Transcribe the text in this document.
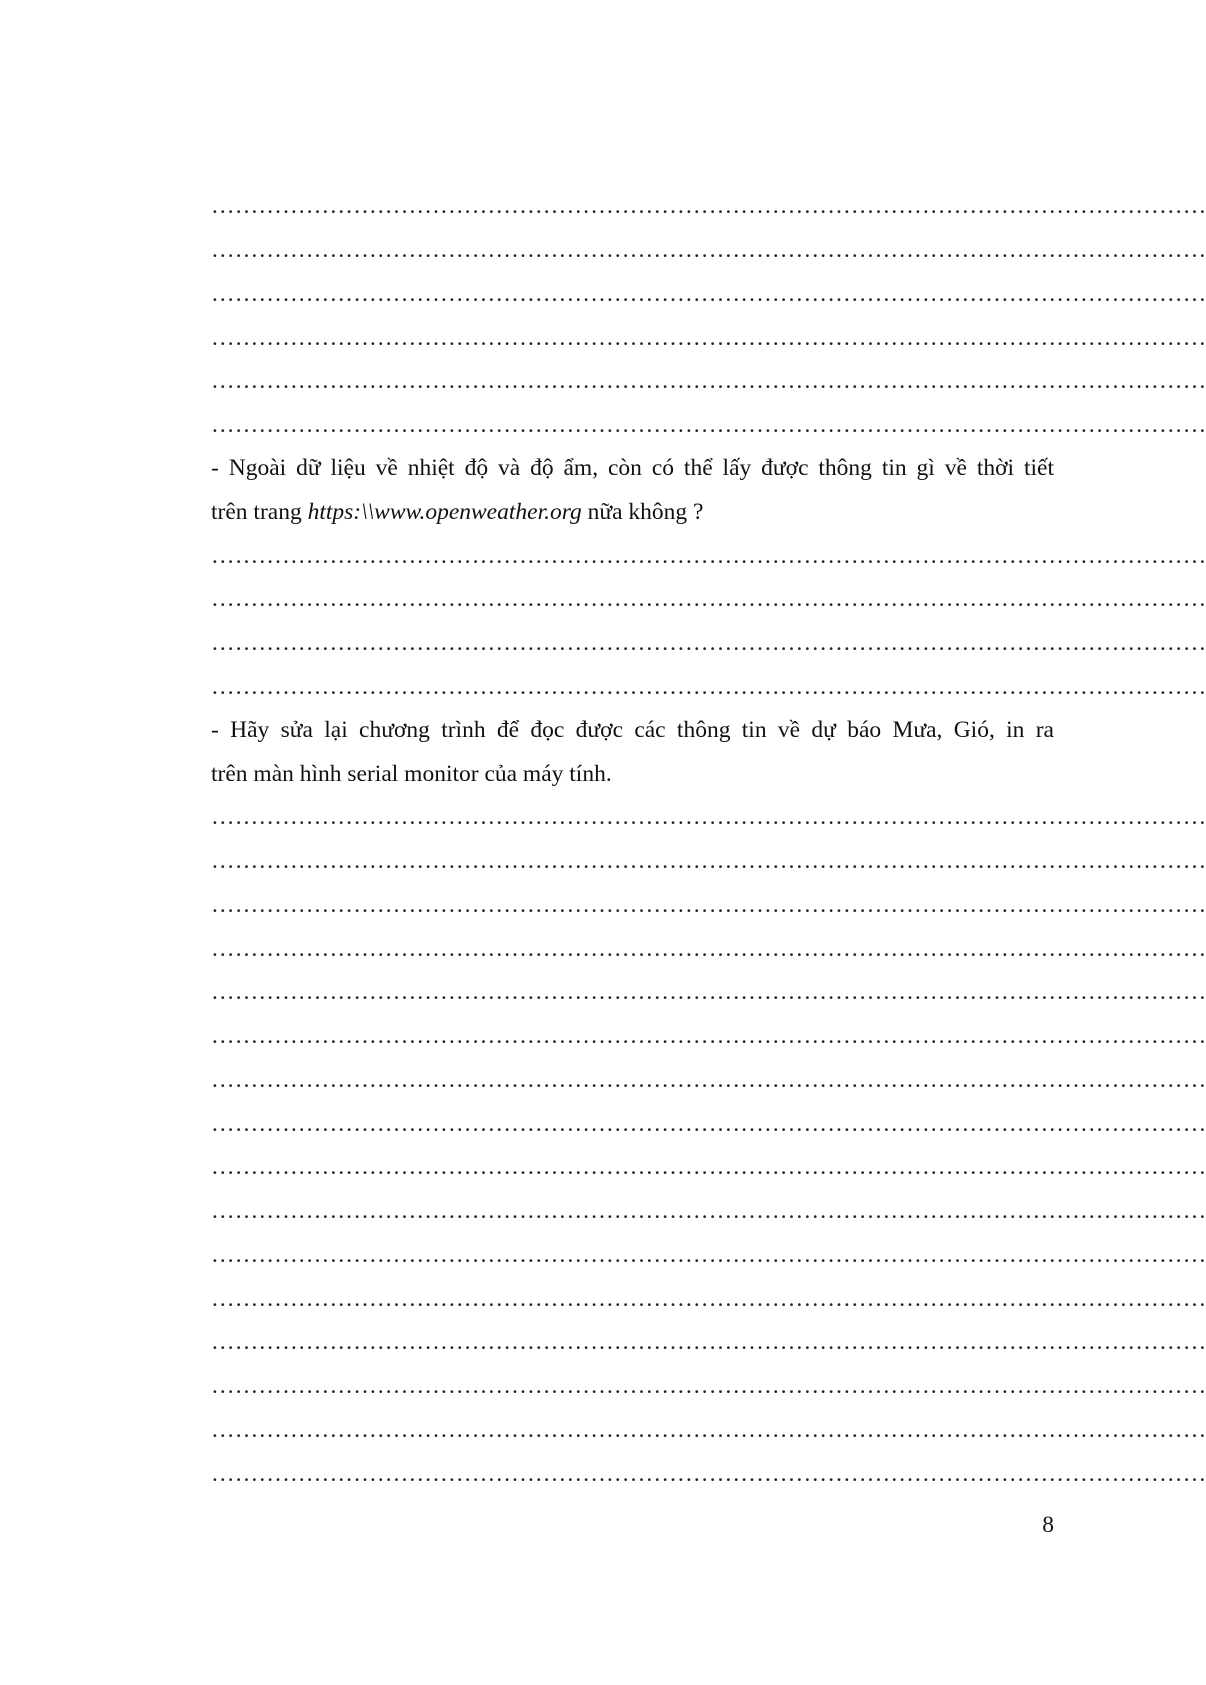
………………………………………………………………………………………………………………
………………………………………………………………………………………………………………
………………………………………………………………………………………………………………
………………………………………………………………………………………………………………
………………………………………………………………………………………………………………
………………………………………………………………………………………………………………
- Ngoài dữ liệu về nhiệt độ và độ ẩm, còn có thể lấy được thông tin gì về thời tiết
trên trang https:\\www.openweather.org nữa không ?
………………………………………………………………………………………………………………
………………………………………………………………………………………………………………
………………………………………………………………………………………………………………
………………………………………………………………………………………………………………
- Hãy sửa lại chương trình để đọc được các thông tin về dự báo Mưa, Gió, in ra
trên màn hình serial monitor của máy tính.
………………………………………………………………………………………………………………
………………………………………………………………………………………………………………
………………………………………………………………………………………………………………
………………………………………………………………………………………………………………
………………………………………………………………………………………………………………
………………………………………………………………………………………………………………
………………………………………………………………………………………………………………
………………………………………………………………………………………………………………
………………………………………………………………………………………………………………
………………………………………………………………………………………………………………
………………………………………………………………………………………………………………
………………………………………………………………………………………………………………
………………………………………………………………………………………………………………
………………………………………………………………………………………………………………
………………………………………………………………………………………………………………
………………………………………………………………………………………………………………
8
